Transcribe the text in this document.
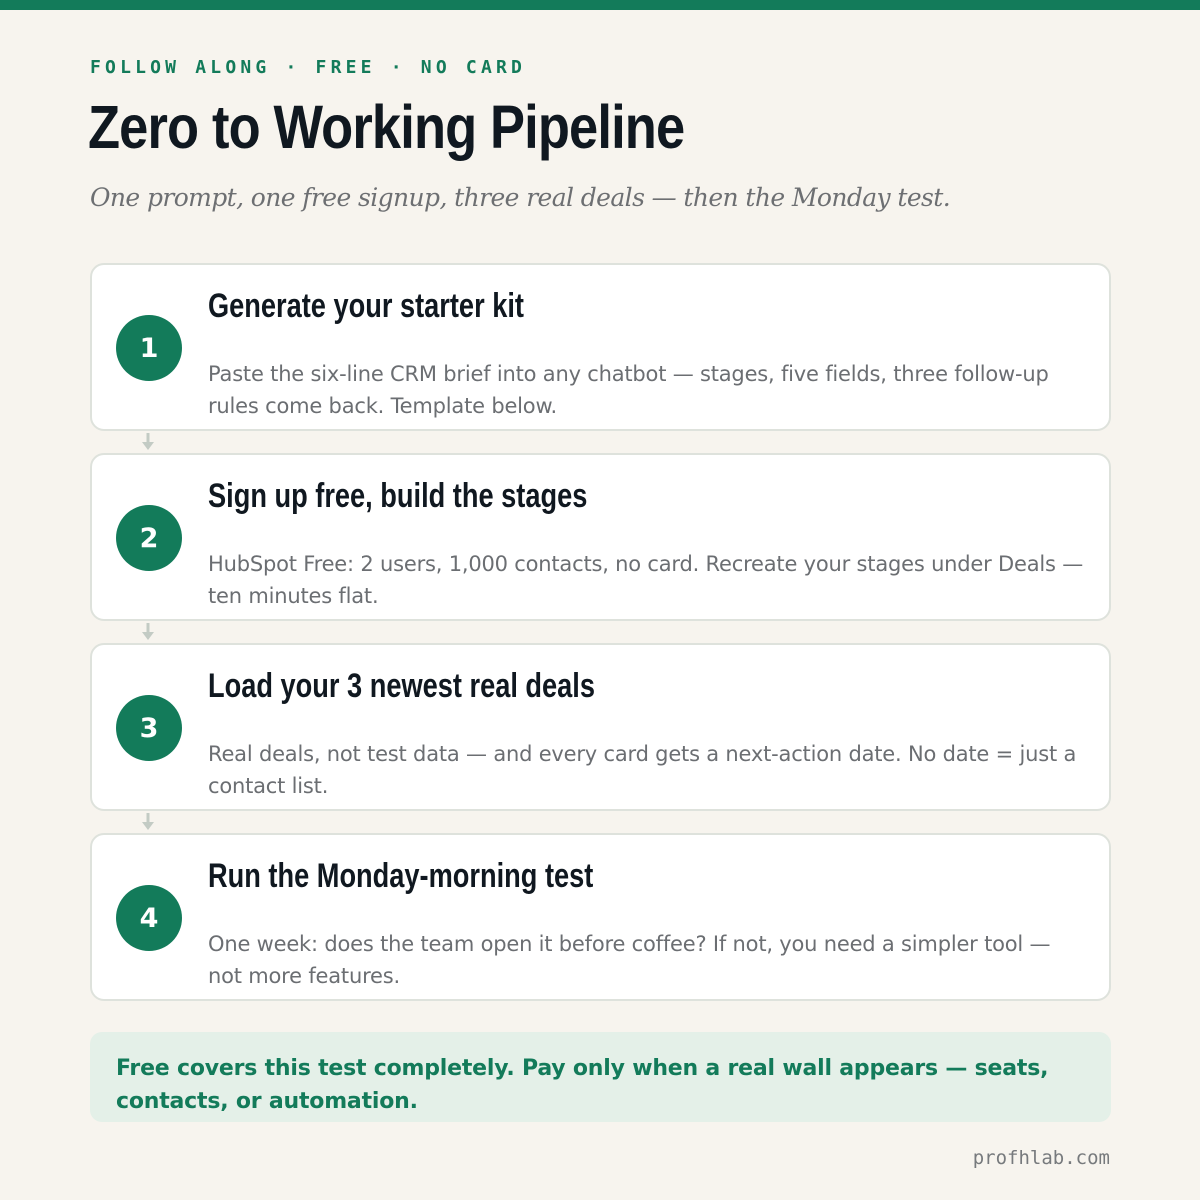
FOLLOW ALONG · FREE · NO CARD
Zero to Working Pipeline
One prompt, one free signup, three real deals — then the Monday test.
1
Generate your starter kit
Paste the six-line CRM brief into any chatbot — stages, five fields, three follow-up rules come back. Template below.
2
Sign up free, build the stages
HubSpot Free: 2 users, 1,000 contacts, no card. Recreate your stages under Deals — ten minutes flat.
3
Load your 3 newest real deals
Real deals, not test data — and every card gets a next-action date. No date = just a contact list.
4
Run the Monday-morning test
One week: does the team open it before coffee? If not, you need a simpler tool — not more features.
Free covers this test completely. Pay only when a real wall appears — seats, contacts, or automation.
profhlab.com
